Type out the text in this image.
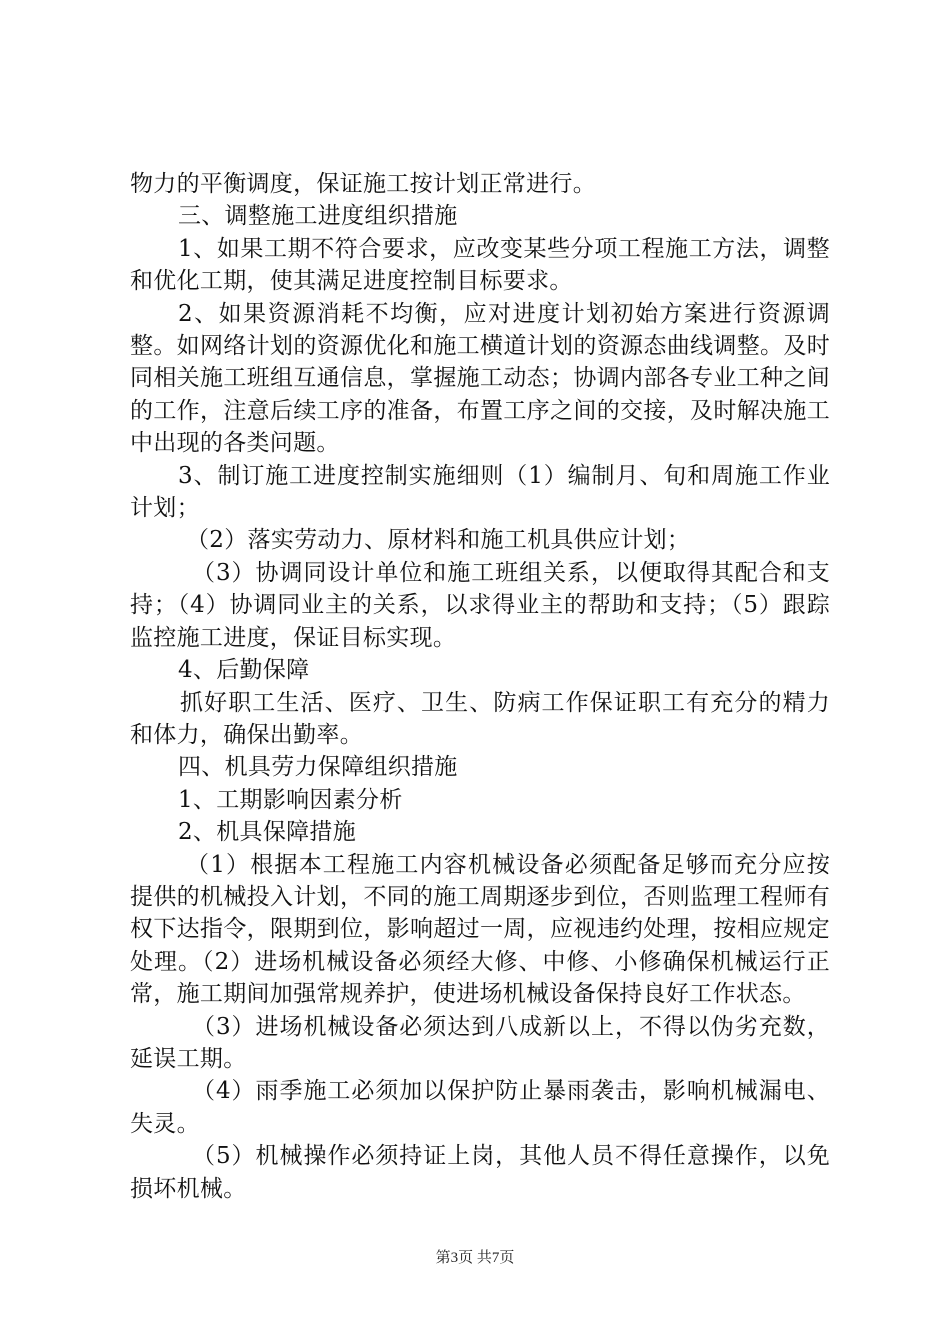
物力的平衡调度，保证施工按计划正常进行。

三、调整施工进度组织措施

1、如果工期不符合要求，应改变某些分项工程施工方法，调整和优化工期，使其满足进度控制目标要求。

2、如果资源消耗不均衡，应对进度计划初始方案进行资源调整。如网络计划的资源优化和施工横道计划的资源态曲线调整。及时同相关施工班组互通信息，掌握施工动态；协调内部各专业工种之间的工作，注意后续工序的准备，布置工序之间的交接，及时解决施工中出现的各类问题。

3、制订施工进度控制实施细则（1）编制月、旬和周施工作业计划；

（2）落实劳动力、原材料和施工机具供应计划；

（3）协调同设计单位和施工班组关系，以便取得其配合和支持；（4）协调同业主的关系，以求得业主的帮助和支持；（5）跟踪监控施工进度，保证目标实现。

4、后勤保障

抓好职工生活、医疗、卫生、防病工作保证职工有充分的精力和体力，确保出勤率。

四、机具劳力保障组织措施

1、工期影响因素分析

2、机具保障措施

（1）根据本工程施工内容机械设备必须配备足够而充分应按提供的机械投入计划，不同的施工周期逐步到位，否则监理工程师有权下达指令，限期到位，影响超过一周，应视违约处理，按相应规定处理。（2）进场机械设备必须经大修、中修、小修确保机械运行正常，施工期间加强常规养护，使进场机械设备保持良好工作状态。

（3）进场机械设备必须达到八成新以上，不得以伪劣充数，延误工期。

（4）雨季施工必须加以保护防止暴雨袭击，影响机械漏电、失灵。

（5）机械操作必须持证上岗，其他人员不得任意操作，以免损坏机械。

第3页 共7页
